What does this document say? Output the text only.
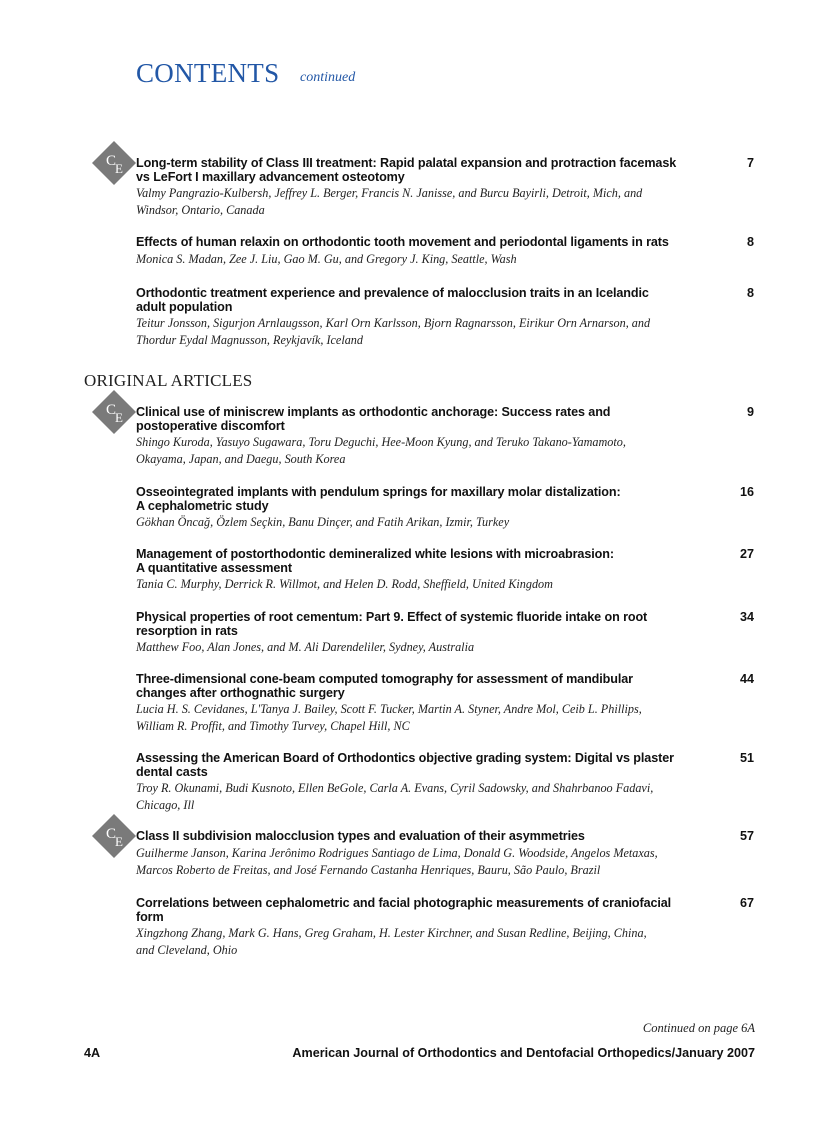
CONTENTS continued
ORIGINAL ARTICLES
C
E Long-term stability of Class III treatment: Rapid palatal expansion and protraction facemask
vs LeFort I maxillary advancement osteotomy
Valmy Pangrazio-Kulbersh, Jeffrey L. Berger, Francis N. Janisse, and Burcu Bayirli, Detroit, Mich, and
Windsor, Ontario, Canada
7
Effects of human relaxin on orthodontic tooth movement and periodontal ligaments in rats
Monica S. Madan, Zee J. Liu, Gao M. Gu, and Gregory J. King, Seattle, Wash
8
Orthodontic treatment experience and prevalence of malocclusion traits in an Icelandic
adult population
Teitur Jonsson, Sigurjon Arnlaugsson, Karl Orn Karlsson, Bjorn Ragnarsson, Eirikur Orn Arnarson, and
Thordur Eydal Magnusson, Reykjavík, Iceland
8
C
E Clinical use of miniscrew implants as orthodontic anchorage: Success rates and
postoperative discomfort
Shingo Kuroda, Yasuyo Sugawara, Toru Deguchi, Hee-Moon Kyung, and Teruko Takano-Yamamoto,
Okayama, Japan, and Daegu, South Korea
9
Osseointegrated implants with pendulum springs for maxillary molar distalization:
A cephalometric study
Gökhan Öncağ, Özlem Seçkin, Banu Dinçer, and Fatih Arikan, Izmir, Turkey
16
Management of postorthodontic demineralized white lesions with microabrasion:
A quantitative assessment
Tania C. Murphy, Derrick R. Willmot, and Helen D. Rodd, Sheffield, United Kingdom
27
Physical properties of root cementum: Part 9. Effect of systemic fluoride intake on root
resorption in rats
Matthew Foo, Alan Jones, and M. Ali Darendeliler, Sydney, Australia
34
Three-dimensional cone-beam computed tomography for assessment of mandibular
changes after orthognathic surgery
Lucia H. S. Cevidanes, L'Tanya J. Bailey, Scott F. Tucker, Martin A. Styner, Andre Mol, Ceib L. Phillips,
William R. Proffit, and Timothy Turvey, Chapel Hill, NC
44
Assessing the American Board of Orthodontics objective grading system: Digital vs plaster
dental casts
Troy R. Okunami, Budi Kusnoto, Ellen BeGole, Carla A. Evans, Cyril Sadowsky, and Shahrbanoo Fadavi,
Chicago, Ill
51
C
E Class II subdivision malocclusion types and evaluation of their asymmetries
Guilherme Janson, Karina Jerônimo Rodrigues Santiago de Lima, Donald G. Woodside, Angelos Metaxas,
Marcos Roberto de Freitas, and José Fernando Castanha Henriques, Bauru, São Paulo, Brazil
57
Correlations between cephalometric and facial photographic measurements of craniofacial
form
Xingzhong Zhang, Mark G. Hans, Greg Graham, H. Lester Kirchner, and Susan Redline, Beijing, China,
and Cleveland, Ohio
67
Continued on page 6A
4A	American Journal of Orthodontics and Dentofacial Orthopedics/January 2007
